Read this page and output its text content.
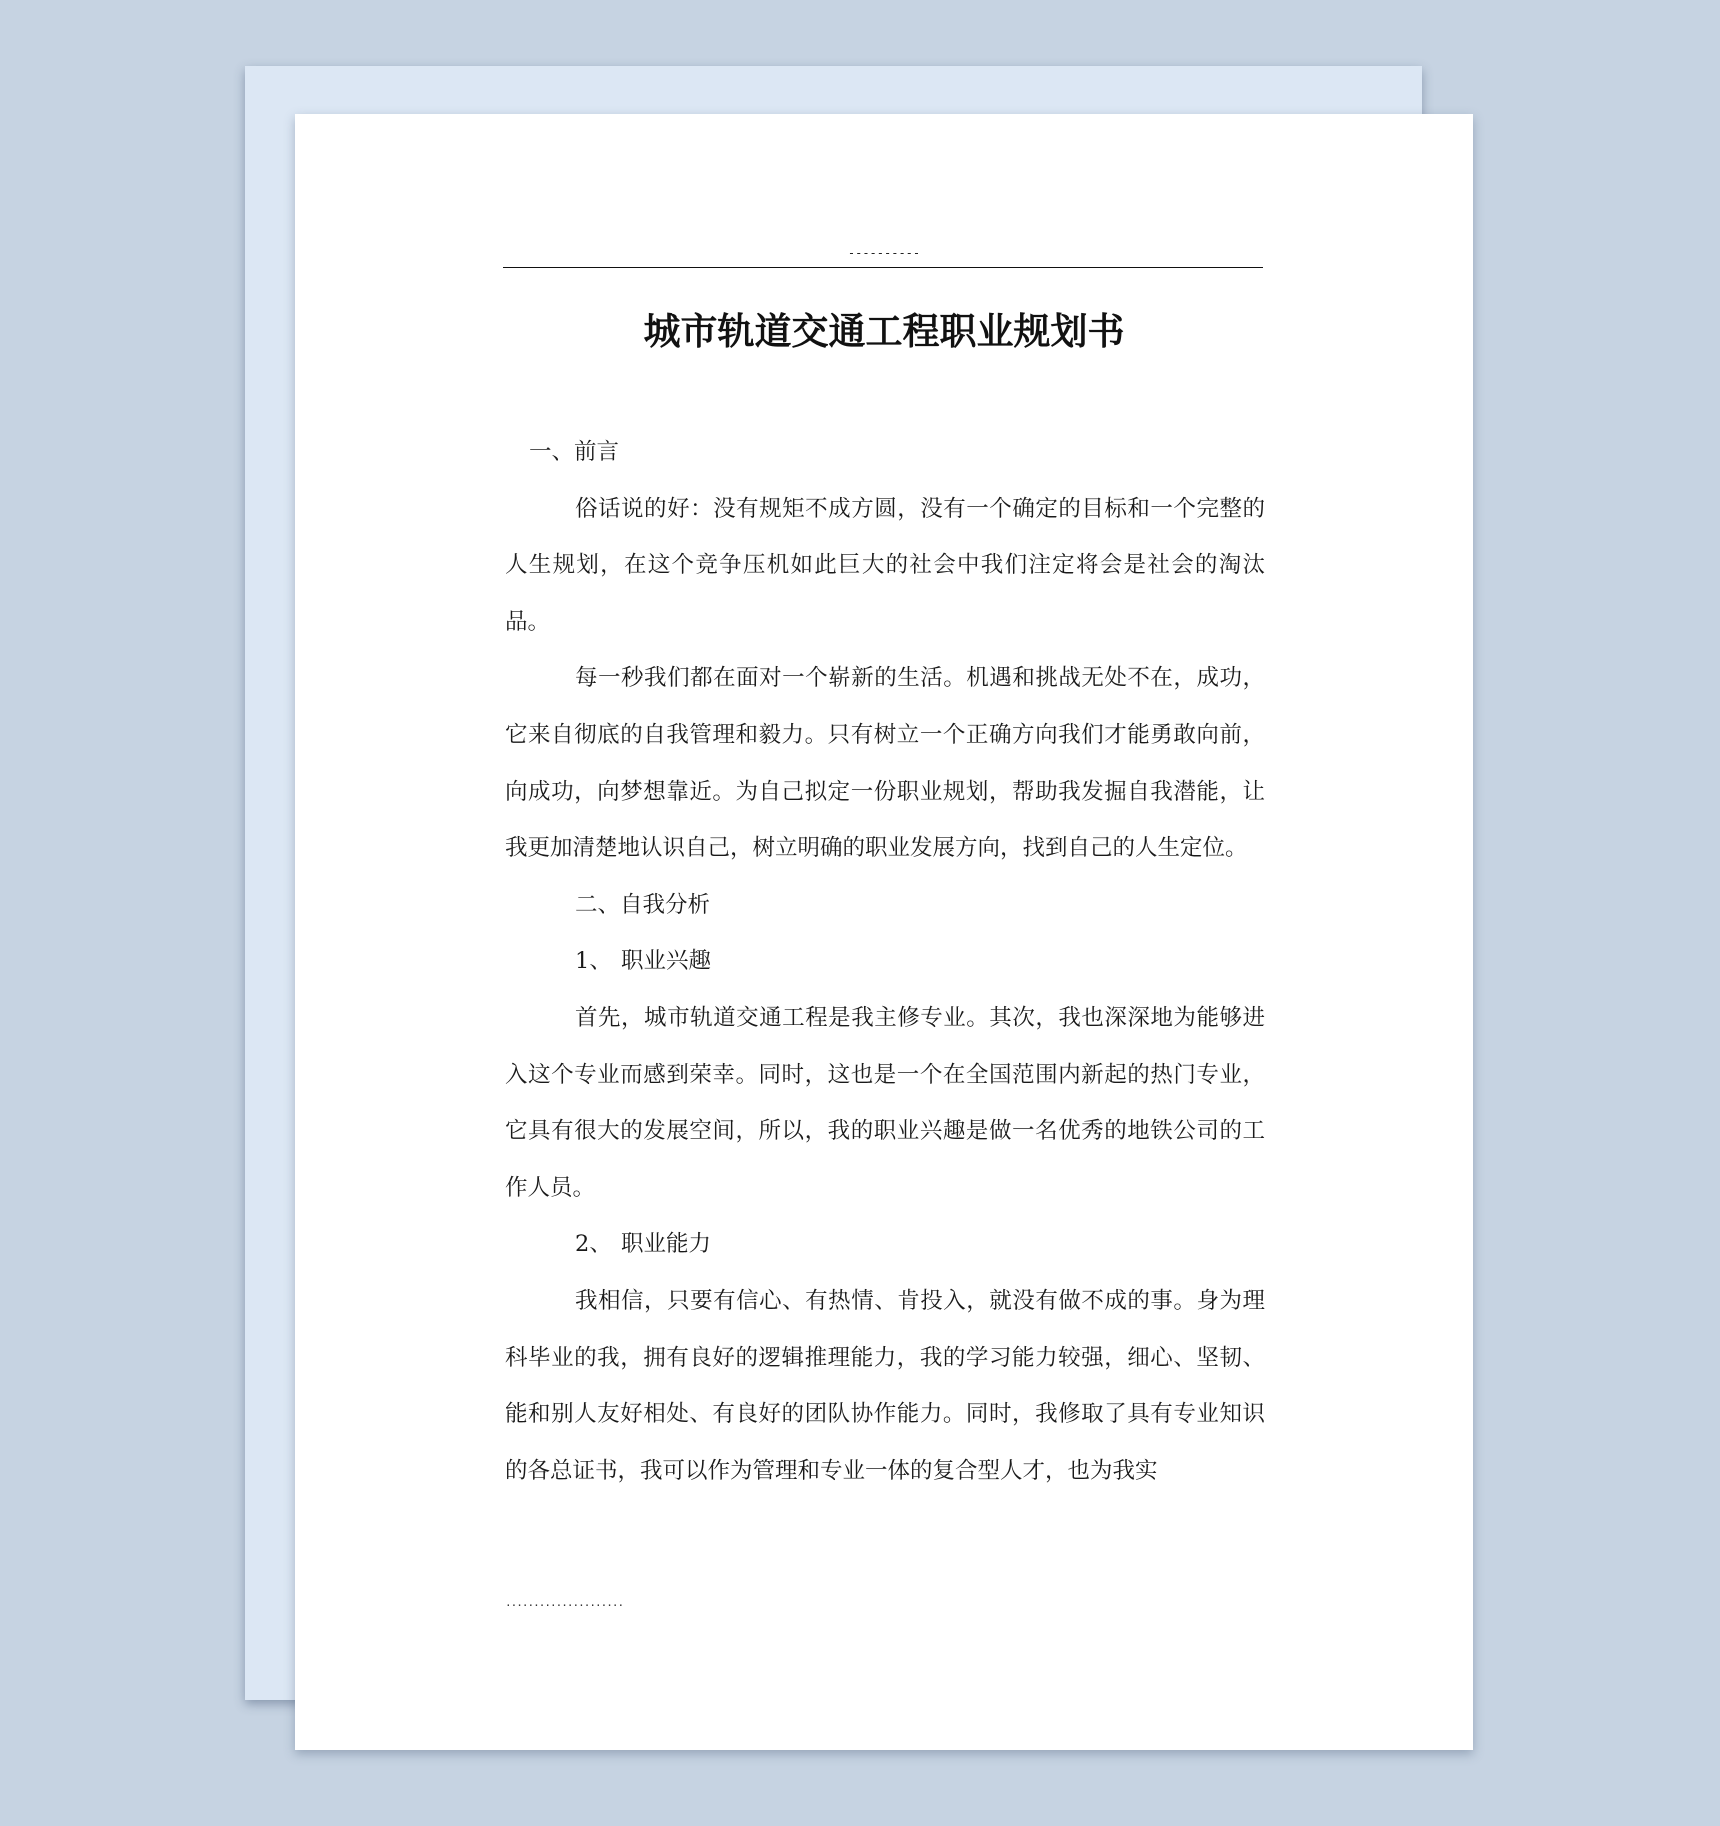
----------
城市轨道交通工程职业规划书

一、前言

俗话说的好：没有规矩不成方圆，没有一个确定的目标和一个完整的人生规划，在这个竞争压机如此巨大的社会中我们注定将会是社会的淘汰品。

每一秒我们都在面对一个崭新的生活。机遇和挑战无处不在，成功，它来自彻底的自我管理和毅力。只有树立一个正确方向我们才能勇敢向前，向成功，向梦想靠近。为自己拟定一份职业规划，帮助我发掘自我潜能，让我更加清楚地认识自己，树立明确的职业发展方向，找到自己的人生定位。

二、自我分析

1、 职业兴趣

首先，城市轨道交通工程是我主修专业。其次，我也深深地为能够进入这个专业而感到荣幸。同时，这也是一个在全国范围内新起的热门专业，它具有很大的发展空间，所以，我的职业兴趣是做一名优秀的地铁公司的工作人员。

2、 职业能力

我相信，只要有信心、有热情、肯投入，就没有做不成的事。身为理科毕业的我，拥有良好的逻辑推理能力，我的学习能力较强，细心、坚韧、能和别人友好相处、有良好的团队协作能力。同时，我修取了具有专业知识的各总证书，我可以作为管理和专业一体的复合型人才，也为我实

.....................
